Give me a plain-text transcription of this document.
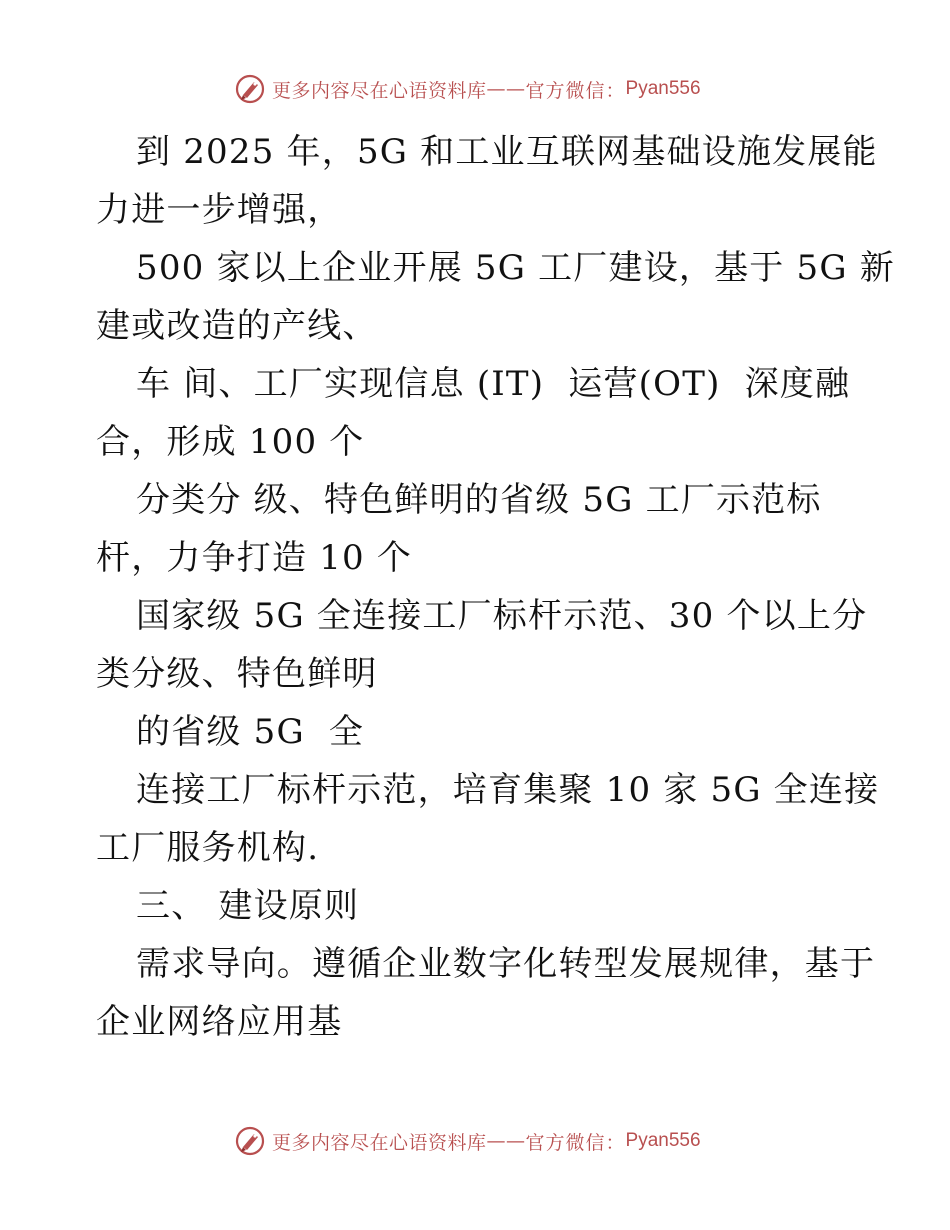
更多内容尽在心语资料库 —— 官方微信： Pyan556
到 2025 年，5G 和工业互联网基础设施发展能
力进一步增强，
500 家以上企业开展 5G 工厂建设，基于 5G 新
建或改造的产线、
车 间、工厂实现信息 (IT)  运营(OT)  深度融
合，形成 100 个
分类分 级、特色鲜明的省级 5G 工厂示范标
杆，力争打造 10 个
国家级 5G 全连接工厂标杆示范、30 个以上分
类分级、特色鲜明
的省级 5G  全
连接工厂标杆示范，培育集聚 10 家 5G 全连接
工厂服务机构.
三、 建设原则
需求导向。遵循企业数字化转型发展规律，基于
企业网络应用基
更多内容尽在心语资料库 —— 官方微信： Pyan556
